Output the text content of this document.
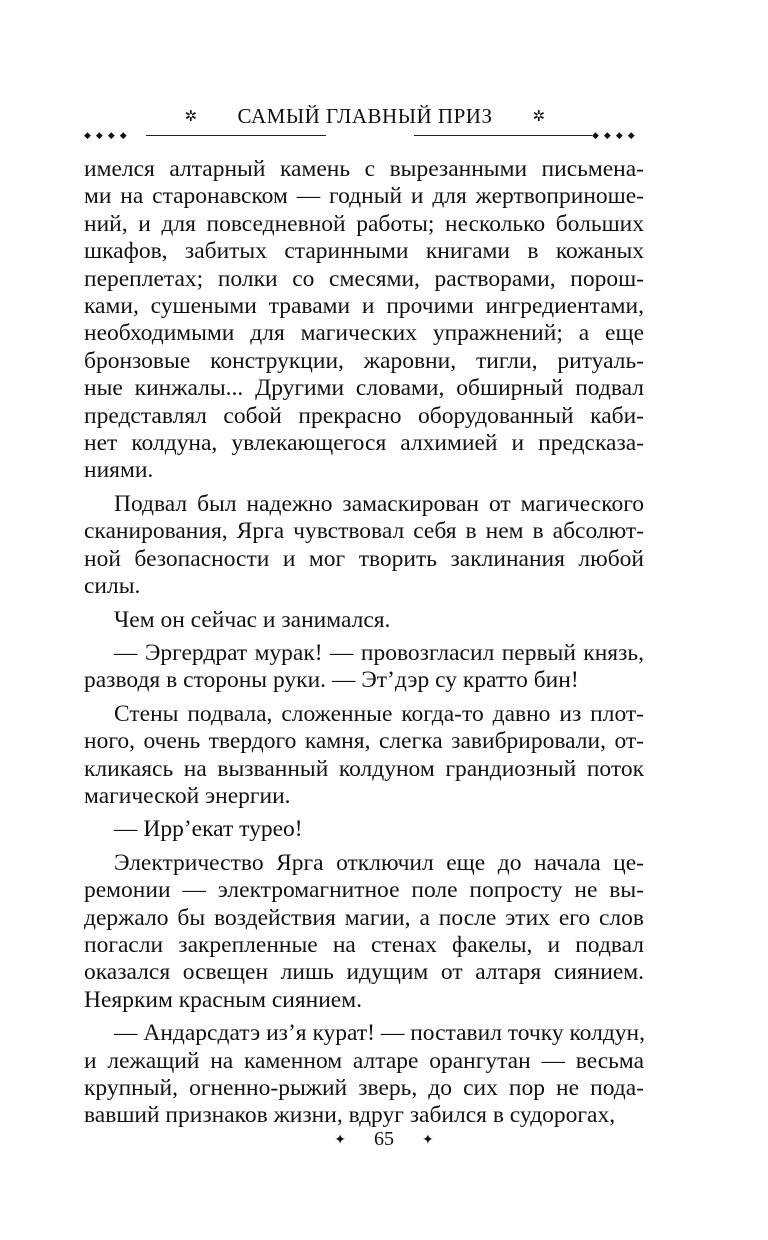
✲ САМЫЙ ГЛАВНЫЙ ПРИЗ	✲
◆◆◆◆	◆◆◆◆

имелся алтарный камень с вырезанными письмена-
ми на старонавском — годный и для жертвоприноше-
ний, и для повседневной работы; несколько больших
шкафов, забитых старинными книгами в кожаных
переплетах; полки со смесями, растворами, порош-
ками, сушеными травами и прочими ингредиентами,
необходимыми для магических упражнений; а еще
бронзовые конструкции, жаровни, тигли, ритуаль-
ные кинжалы... Другими словами, обширный подвал
представлял собой прекрасно оборудованный каби-
нет колдуна, увлекающегося алхимией и предсказа-
ниями.

Подвал был надежно замаскирован от магического
сканирования, Ярга чувствовал себя в нем в абсолют-
ной безопасности и мог творить заклинания любой
силы.

Чем он сейчас и занимался.

— Эргердрат мурак! — провозгласил первый князь,
разводя в стороны руки. — Эт’дэр су кратто бин!

Стены подвала, сложенные когда-то давно из плот-
ного, очень твердого камня, слегка завибрировали, от-
кликаясь на вызванный колдуном грандиозный поток
магической энергии.

— Ирр’екат турео!

Электричество Ярга отключил еще до начала це-
ремонии — электромагнитное поле попросту не вы-
держало бы воздействия магии, а после этих его слов
погасли закрепленные на стенах факелы, и подвал
оказался освещен лишь идущим от алтаря сиянием.
Неярким красным сиянием.

— Андарсдатэ из’я курат! — поставил точку колдун,
и лежащий на каменном алтаре орангутан — весьма
крупный, огненно-рыжий зверь, до сих пор не пода-
вавший признаков жизни, вдруг забился в судорогах,

✦ 65 ✦
